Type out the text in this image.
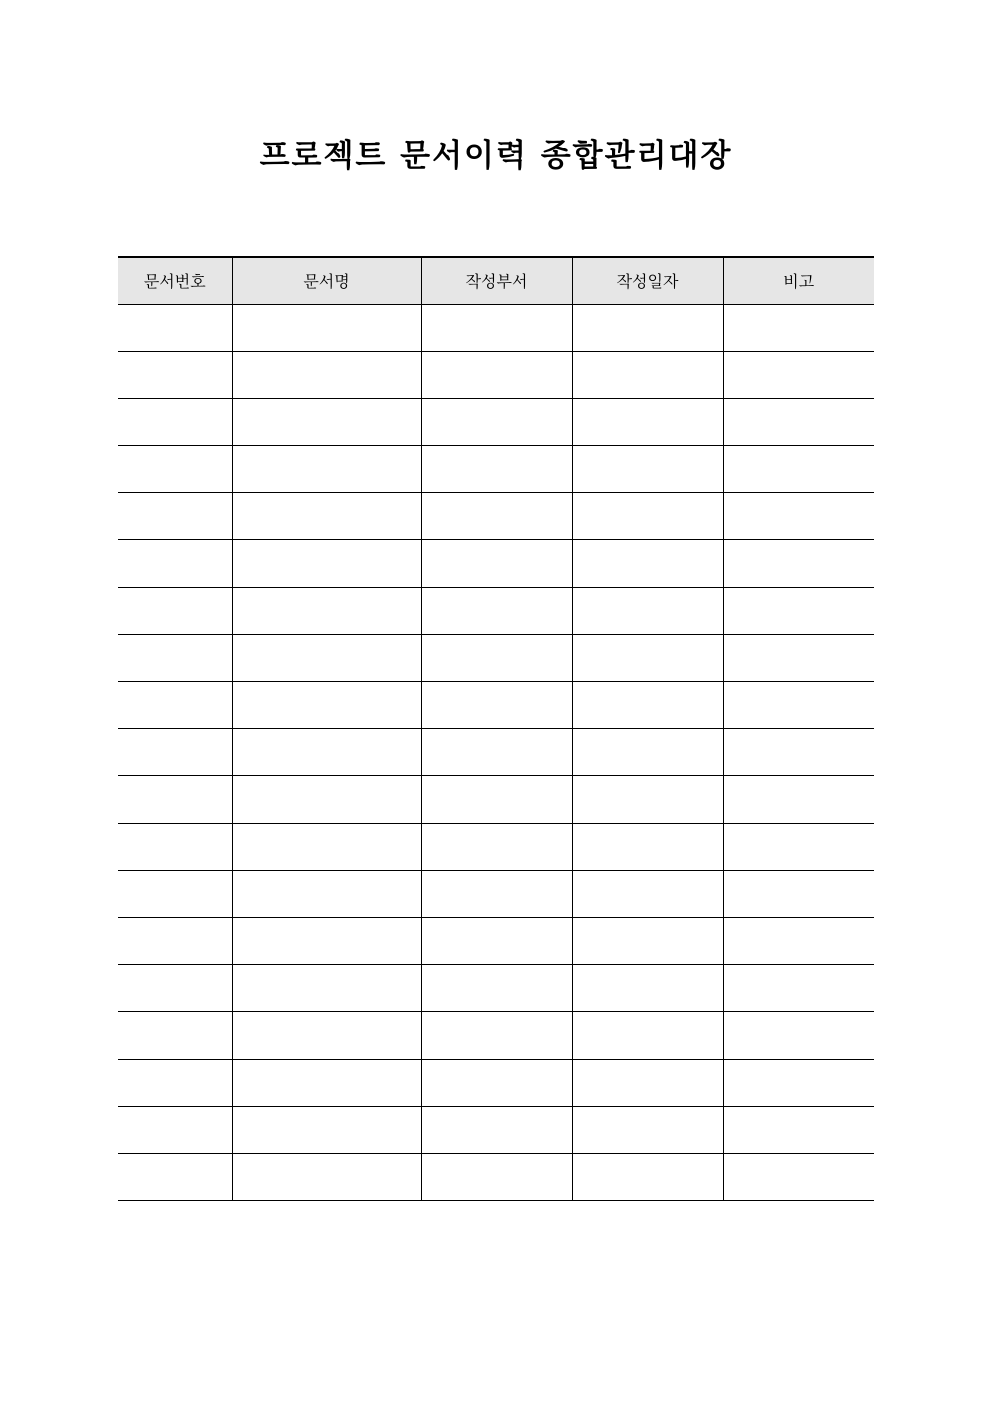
프로젝트 문서이력 종합관리대장
문서번호	문서명	작성부서	작성일자	비고
